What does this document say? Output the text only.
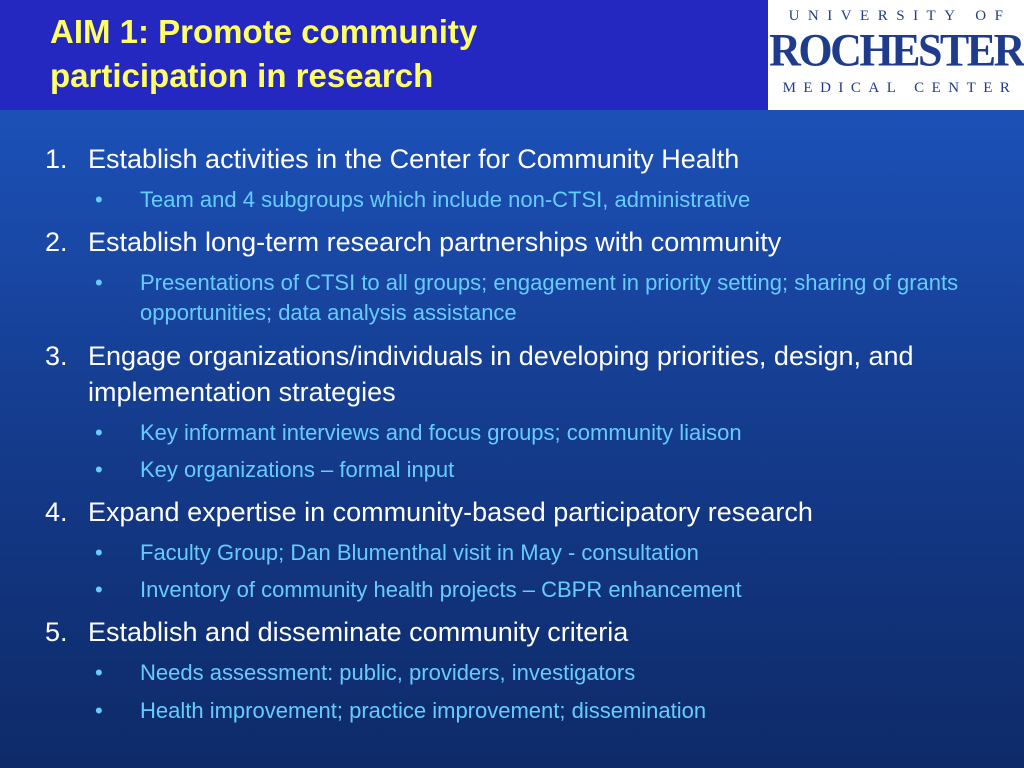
AIM 1: Promote community
participation in research
UNIVERSITY OF
ROCHESTER
MEDICAL CENTER
1. Establish activities in the Center for Community Health
• Team and 4 subgroups which include non-CTSI, administrative
2. Establish long-term research partnerships with community
• Presentations of CTSI to all groups; engagement in priority setting; sharing of grants opportunities; data analysis assistance
3. Engage organizations/individuals in developing priorities, design, and implementation strategies
• Key informant interviews and focus groups; community liaison
• Key organizations – formal input
4. Expand expertise in community-based participatory research
• Faculty Group; Dan Blumenthal visit in May - consultation
• Inventory of community health projects – CBPR enhancement
5. Establish and disseminate community criteria
• Needs assessment: public, providers, investigators
• Health improvement; practice improvement; dissemination
